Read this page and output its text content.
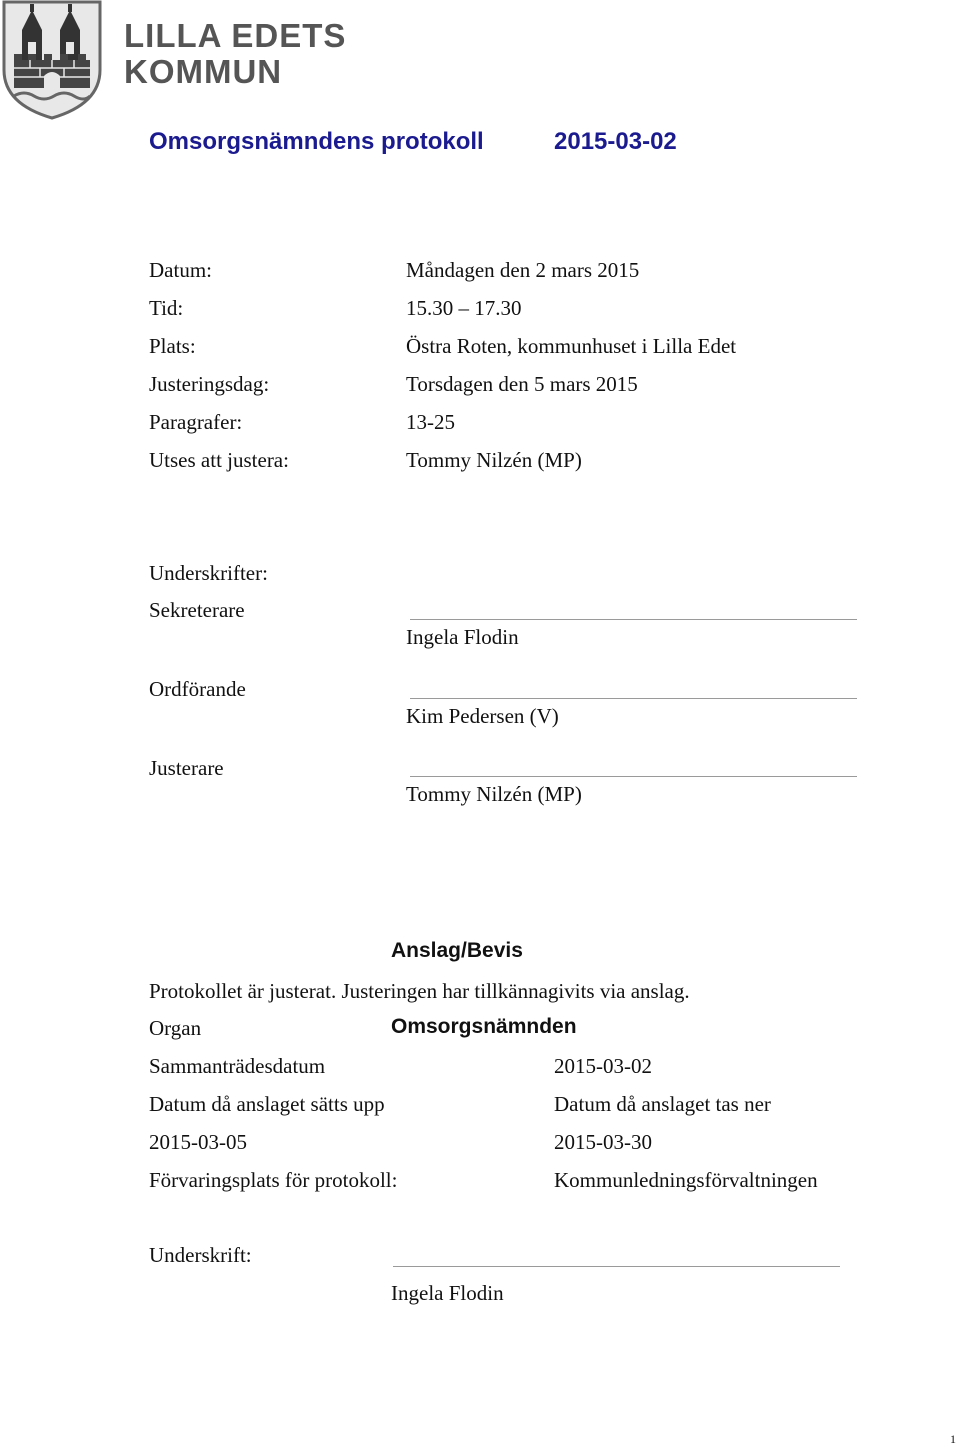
LILLA EDETS
KOMMUN
Omsorgsnämndens protokoll	2015-03-02
Datum:	Måndagen den 2 mars 2015
Tid:	15.30 – 17.30
Plats:	Östra Roten, kommunhuset i Lilla Edet
Justeringsdag:	Torsdagen den 5 mars 2015
Paragrafer:	13-25
Utses att justera:	Tommy Nilzén (MP)
Underskrifter:
Sekreterare
Ingela Flodin
Ordförande
Kim Pedersen (V)
Justerare
Tommy Nilzén (MP)
Anslag/Bevis
Protokollet är justerat. Justeringen har tillkännagivits via anslag.
Organ	Omsorgsnämnden
Sammanträdesdatum	2015-03-02
Datum då anslaget sätts upp	Datum då anslaget tas ner
2015-03-05	2015-03-30
Förvaringsplats för protokoll:	Kommunledningsförvaltningen
Underskrift:
Ingela Flodin
1
